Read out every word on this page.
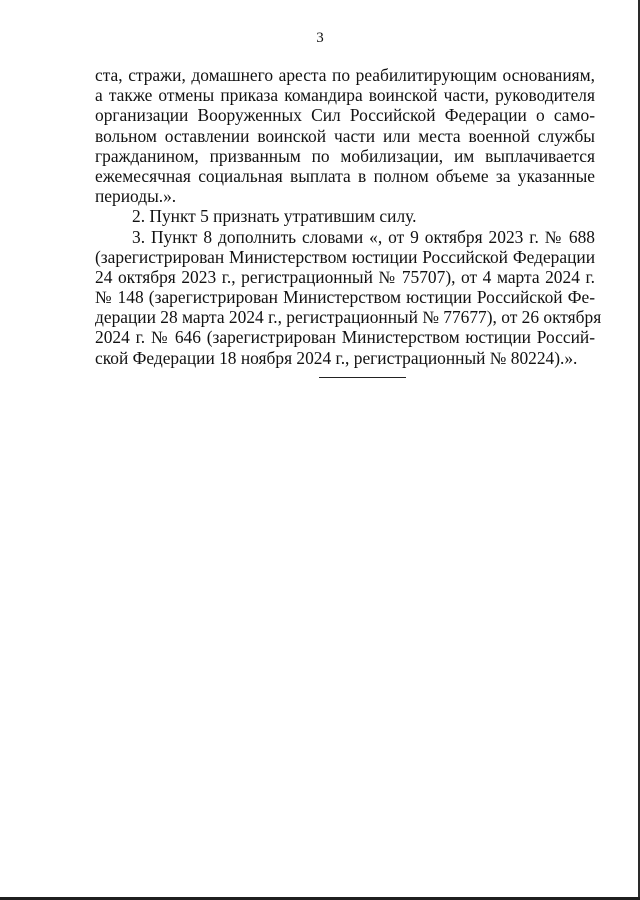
3
ста, стражи, домашнего ареста по реабилитирующим основаниям,
а также отмены приказа командира воинской части, руководителя
организации Вооруженных Сил Российской Федерации о само-
вольном оставлении воинской части или места военной службы
гражданином, призванным по мобилизации, им выплачивается
ежемесячная социальная выплата в полном объеме за указанные
периоды.».
2. Пункт 5 признать утратившим силу.
3. Пункт 8 дополнить словами «, от 9 октября 2023 г. № 688
(зарегистрирован Министерством юстиции Российской Федерации
24 октября 2023 г., регистрационный № 75707), от 4 марта 2024 г.
№ 148 (зарегистрирован Министерством юстиции Российской Фе-
дерации 28 марта 2024 г., регистрационный № 77677), от 26 октября
2024 г. № 646 (зарегистрирован Министерством юстиции Россий-
ской Федерации 18 ноября 2024 г., регистрационный № 80224).».
